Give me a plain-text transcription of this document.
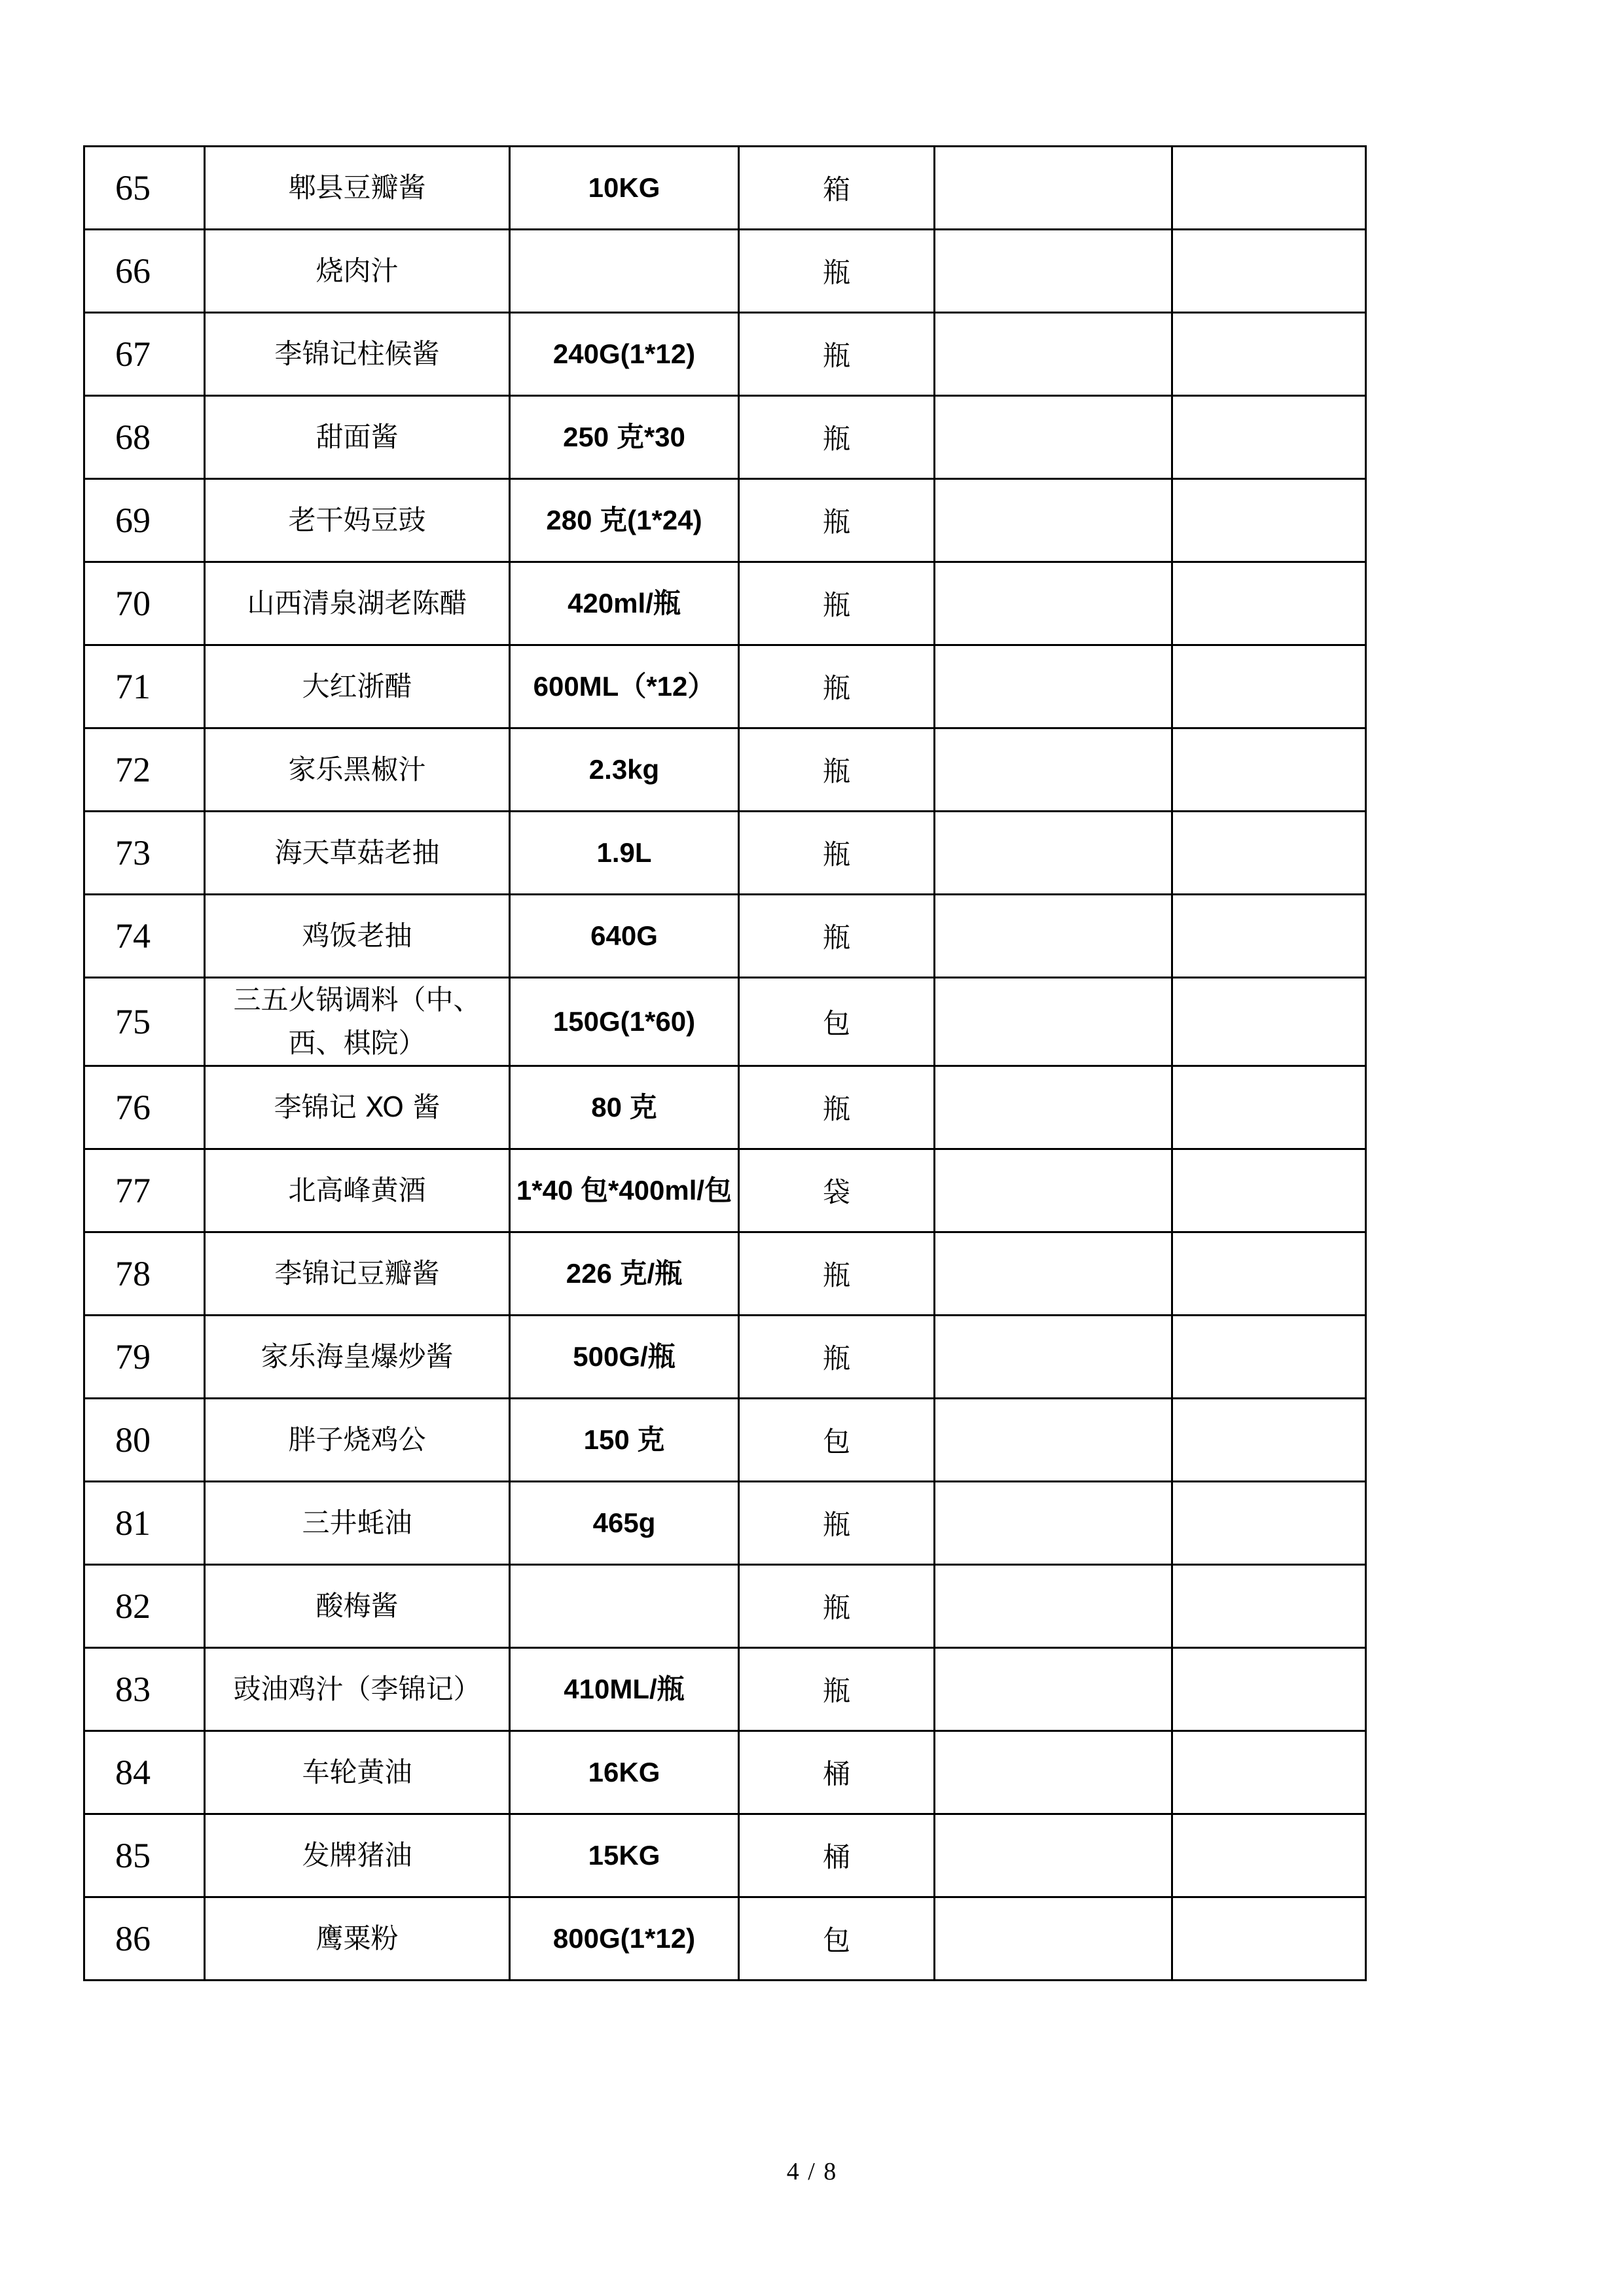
65	郫县豆瓣酱	10KG	箱		
66	烧肉汁		瓶		
67	李锦记柱候酱	240G(1*12)	瓶		
68	甜面酱	250 克*30	瓶		
69	老干妈豆豉	280 克(1*24)	瓶		
70	山西清泉湖老陈醋	420ml/瓶	瓶		
71	大红浙醋	600ML（*12）	瓶		
72	家乐黑椒汁	2.3kg	瓶		
73	海天草菇老抽	1.9L	瓶		
74	鸡饭老抽	640G	瓶		
75	三五火锅调料（中、西、棋院）	150G(1*60)	包		
76	李锦记 XO 酱	80 克	瓶		
77	北高峰黄酒	1*40 包*400ml/包	袋		
78	李锦记豆瓣酱	226 克/瓶	瓶		
79	家乐海皇爆炒酱	500G/瓶	瓶		
80	胖子烧鸡公	150 克	包		
81	三井蚝油	465g	瓶		
82	酸梅酱		瓶		
83	豉油鸡汁（李锦记）	410ML/瓶	瓶		
84	车轮黄油	16KG	桶		
85	发牌猪油	15KG	桶		
86	鹰粟粉	800G(1*12)	包		
4 / 8
